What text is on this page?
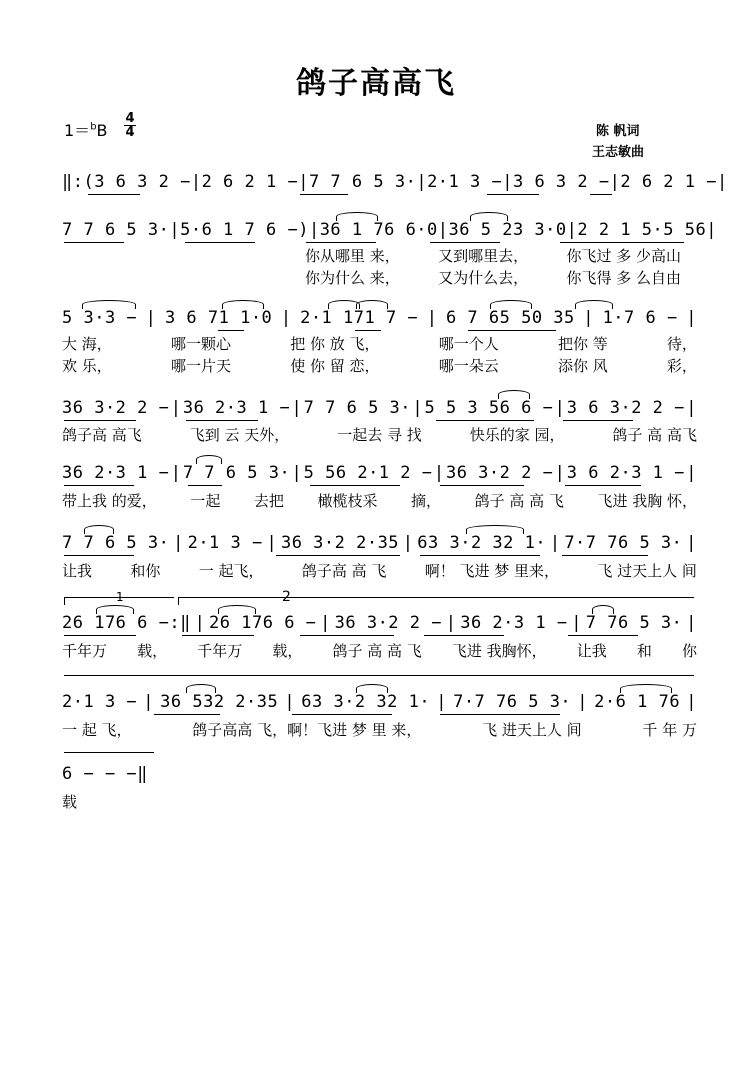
鸽子高高飞
1＝$^b$B
4
4	陈 帆词
王志敏曲
‖:(3 6 3 2 − | 2 6 2 1 − | 7 7 6 5 3· | 2·1 3 − | 3 6 3 2 − | 2 6 2 1 − |
7 7 6 5 3· | 5·6 1 7 6 −) | 36 1 76 6·0 | 36 5 23 3·0 | 2 2 1 5·5 56 |
你从哪里 来，	又到哪里去，	你飞过 多 少高山
你为什么 来，	又为什么去，	你飞得 多 么自由
5 3·3 − | 3 6 71 1·0 | 2·1 171 7 − | 6 7 65 50 35 | 1·7 6 − |
大 海，	哪一颗心	把 你 放 飞，	哪一个人	把你 等	待，
欢 乐，	哪一片天	使 你 留 恋，	哪一朵云	添你 风	彩，
36 3·2 2 − | 36 2·3 1 − | 7 7 6 5 3· | 5 5 3 56 6 − | 3 6 3·2 2 − |
鸽子高 高飞	飞到 云 天外，	一起去 寻 找	快乐的家 园，	鸽子 高 高飞
36 2·3 1 − | 7 7 6 5 3· | 5 56 2·1 2 − | 36 3·2 2 − | 3 6 2·3 1 − |
带上我 的爱， 一起 去把 橄榄枝采 摘， 鸽子 高 高 飞 飞进 我胸 怀，
7 7 6 5 3· | 2·1 3 − | 36 3·2 2·35 | 63 3·2 32 1· | 7·7 76 5 3· |
让我	和你	一 起飞，	鸽子高 高 飞	啊！ 飞进 梦 里来，	飞 过天上人 间
1	2
26 176 6 −:‖ | 26 176 6 − | 36 3·2 2 − | 36 2·3 1 − | 7 76 5 3· |
千年万 载， 千年万 载， 鸽子 高 高 飞 飞进 我胸怀， 让我 和 你
2·1 3 − | 36 532 2·35 | 63 3·2 32 1· | 7·7 76 5 3· | 2·6 1 76 |
一 起 飞，	鸽子高高 飞，啊！飞进 梦 里 来，	飞 进天上人 间	千 年 万
6 − − −‖
载
